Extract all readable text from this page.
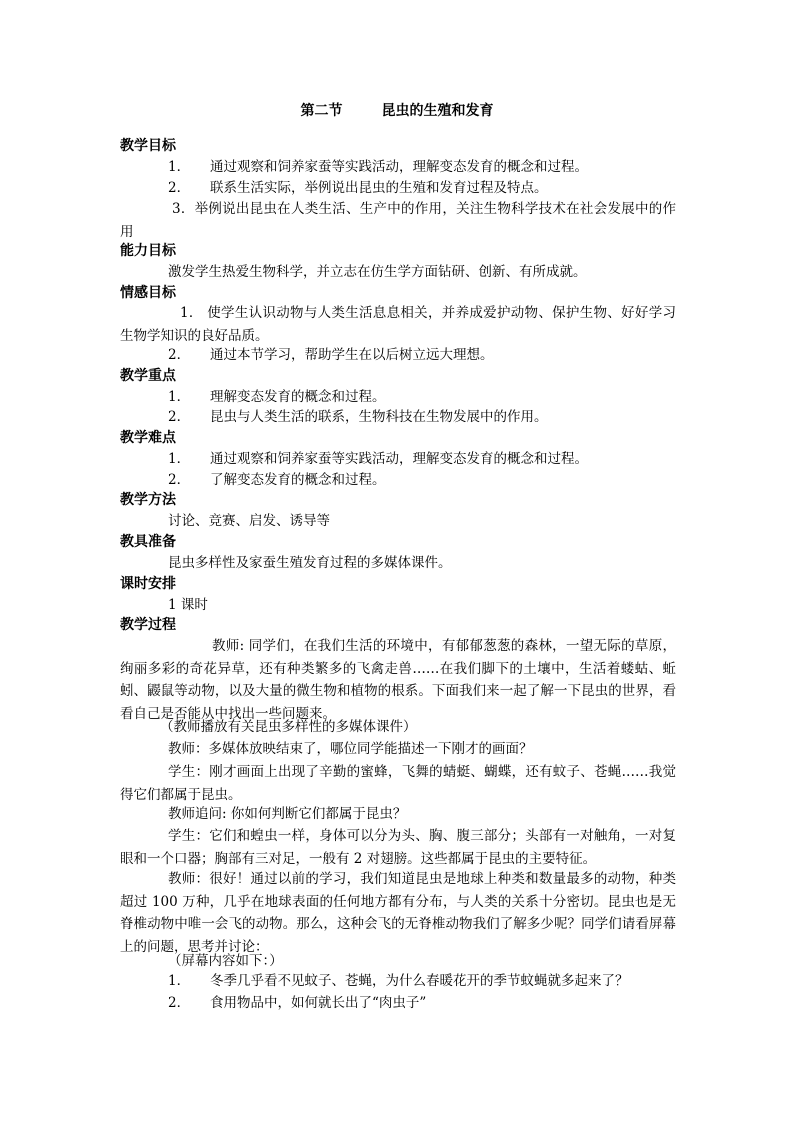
第二节        昆虫的生殖和发育
教学目标
1． 通过观察和饲养家蚕等实践活动，理解变态发育的概念和过程。
2． 联系生活实际，举例说出昆虫的生殖和发育过程及特点。
3．举例说出昆虫在人类生活、生产中的作用，关注生物科学技术在社会发展中的作用
能力目标
激发学生热爱生物科学，并立志在仿生学方面钻研、创新、有所成就。
情感目标
1． 使学生认识动物与人类生活息息相关，并养成爱护动物、保护生物、好好学习生物学知识的良好品质。
2． 通过本节学习，帮助学生在以后树立远大理想。
教学重点
1． 理解变态发育的概念和过程。
2． 昆虫与人类生活的联系，生物科技在生物发展中的作用。
教学难点
1． 通过观察和饲养家蚕等实践活动，理解变态发育的概念和过程。
2． 了解变态发育的概念和过程。
教学方法
讨论、竞赛、启发、诱导等
教具准备
昆虫多样性及家蚕生殖发育过程的多媒体课件。
课时安排
1 课时
教学过程
教师: 同学们，在我们生活的环境中，有郁郁葱葱的森林，一望无际的草原，绚丽多彩的奇花异草，还有种类繁多的飞禽走兽……在我们脚下的土壤中，生活着蝼蛄、蚯蚓、鼹鼠等动物，以及大量的微生物和植物的根系。下面我们来一起了解一下昆虫的世界，看看自己是否能从中找出一些问题来。
（教师播放有关昆虫多样性的多媒体课件）
教师：多媒体放映结束了，哪位同学能描述一下刚才的画面？
学生：刚才画面上出现了辛勤的蜜蜂，飞舞的蜻蜓、蝴蝶，还有蚊子、苍蝇……我觉得它们都属于昆虫。
教师追问: 你如何判断它们都属于昆虫？
学生：它们和蝗虫一样，身体可以分为头、胸、腹三部分；头部有一对触角，一对复眼和一个口器；胸部有三对足，一般有 2 对翅膀。这些都属于昆虫的主要特征。
教师：很好！通过以前的学习，我们知道昆虫是地球上种类和数量最多的动物，种类超过 100 万种，几乎在地球表面的任何地方都有分布，与人类的关系十分密切。昆虫也是无脊椎动物中唯一会飞的动物。那么，这种会飞的无脊椎动物我们了解多少呢？同学们请看屏幕上的问题，思考并讨论：
（屏幕内容如下：）
1． 冬季几乎看不见蚊子、苍蝇，为什么春暖花开的季节蚊蝇就多起来了？
2． 食用物品中，如何就长出了“肉虫子”
